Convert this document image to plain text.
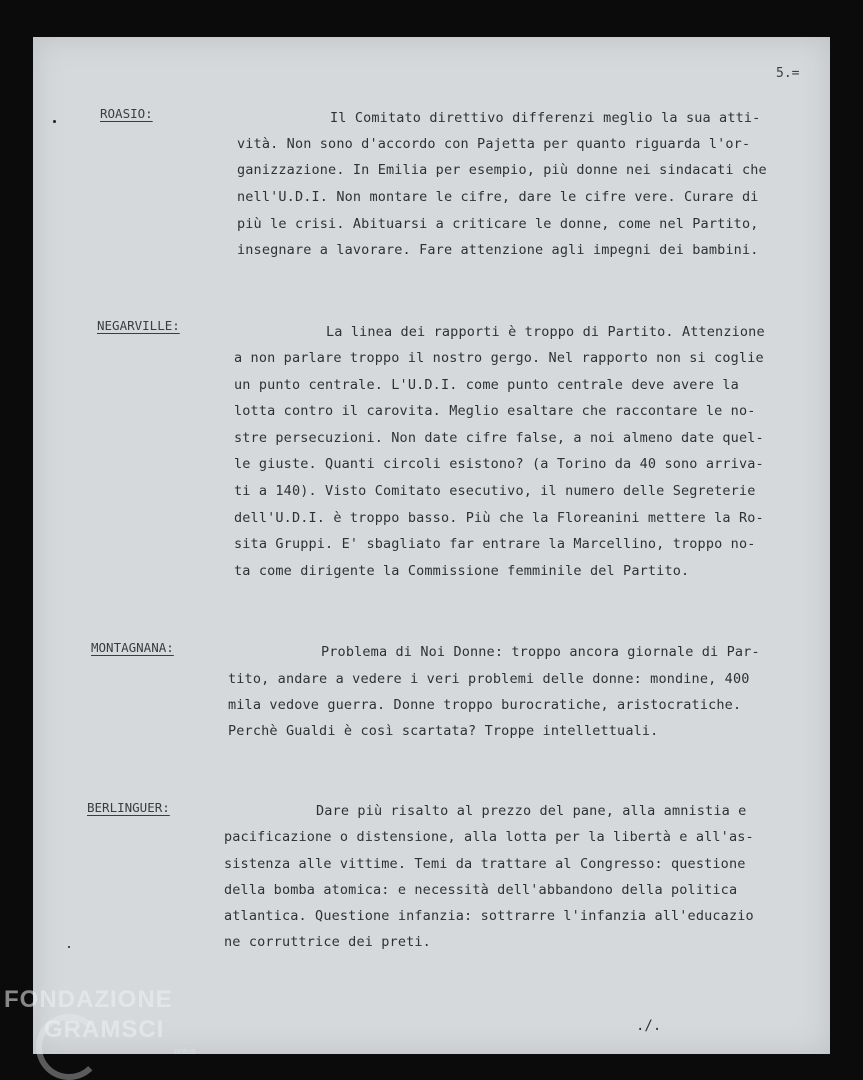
5.=
ROASIO:	Il Comitato direttivo differenzi meglio la sua atti-
vità. Non sono d'accordo con Pajetta per quanto riguarda l'or-
ganizzazione. In Emilia per esempio, più donne nei sindacati che
nell'U.D.I. Non montare le cifre, dare le cifre vere. Curare di
più le crisi. Abituarsi a criticare le donne, come nel Partito,
insegnare a lavorare. Fare attenzione agli impegni dei bambini.
NEGARVILLE:	La linea dei rapporti è troppo di Partito. Attenzione
a non parlare troppo il nostro gergo. Nel rapporto non si coglie
un punto centrale. L'U.D.I. come punto centrale deve avere la
lotta contro il carovita. Meglio esaltare che raccontare le no-
stre persecuzioni. Non date cifre false, a noi almeno date quel-
le giuste. Quanti circoli esistono? (a Torino da 40 sono arriva-
ti a 140). Visto Comitato esecutivo, il numero delle Segreterie
dell'U.D.I. è troppo basso. Più che la Floreanini mettere la Ro-
sita Gruppi. E' sbagliato far entrare la Marcellino, troppo no-
ta come dirigente la Commissione femminile del Partito.
MONTAGNANA:	Problema di Noi Donne: troppo ancora giornale di Par-
tito, andare a vedere i veri problemi delle donne: mondine, 400
mila vedove guerra. Donne troppo burocratiche, aristocratiche.
Perchè Gualdi è così scartata? Troppe intellettuali.
BERLINGUER:	Dare più risalto al prezzo del pane, alla amnistia e
pacificazione o distensione, alla lotta per la libertà e all'as-
sistenza alle vittime. Temi da trattare al Congresso: questione
della bomba atomica: e necessità dell'abbandono della politica
atlantica. Questione infanzia: sottrarre l'infanzia all'educazio
ne corruttrice dei preti.
./.
FONDAZIONE
GRAMSCI
onlus
